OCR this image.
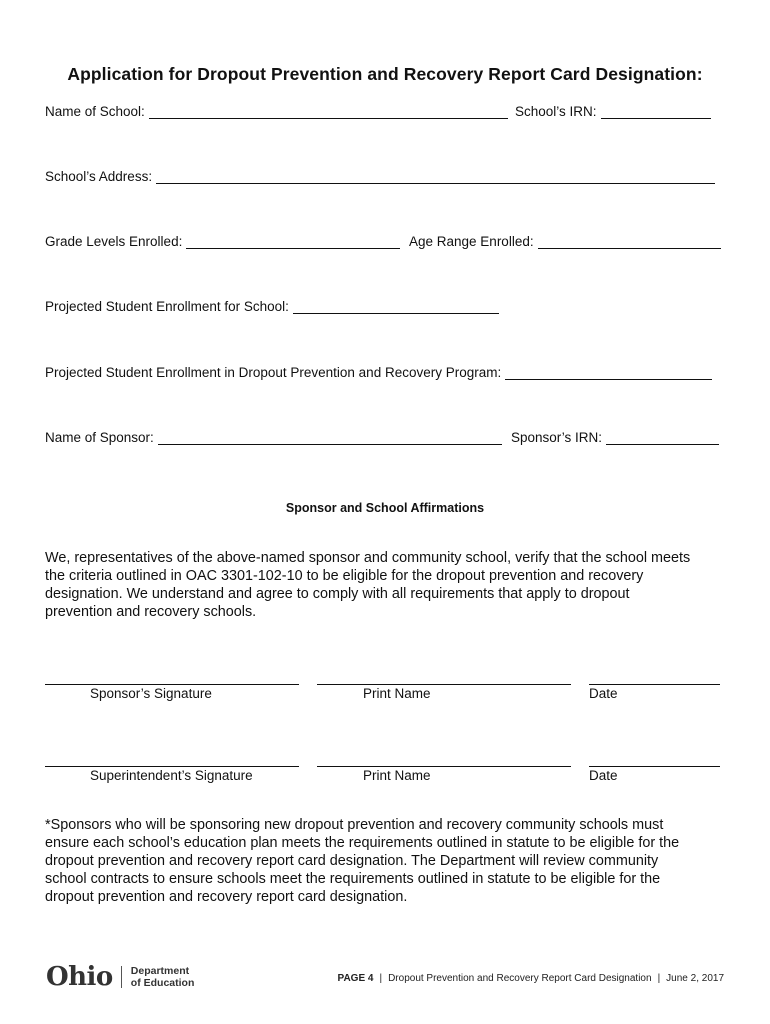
Application for Dropout Prevention and Recovery Report Card Designation:
Name of School:	School’s IRN:
School’s Address:
Grade Levels Enrolled:	Age Range Enrolled:
Projected Student Enrollment for School:
Projected Student Enrollment in Dropout Prevention and Recovery Program:
Name of Sponsor:	Sponsor’s IRN:
Sponsor and School Affirmations
We, representatives of the above-named sponsor and community school, verify that the school meets
the criteria outlined in OAC 3301-102-10 to be eligible for the dropout prevention and recovery
designation. We understand and agree to comply with all requirements that apply to dropout
prevention and recovery schools.
Sponsor’s Signature	Print Name	Date
Superintendent’s Signature	Print Name	Date
*Sponsors who will be sponsoring new dropout prevention and recovery community schools must
ensure each school’s education plan meets the requirements outlined in statute to be eligible for the
dropout prevention and recovery report card designation. The Department will review community
school contracts to ensure schools meet the requirements outlined in statute to be eligible for the
dropout prevention and recovery report card designation.
Ohio Department
of Education	PAGE 4 | Dropout Prevention and Recovery Report Card Designation | June 2, 2017
